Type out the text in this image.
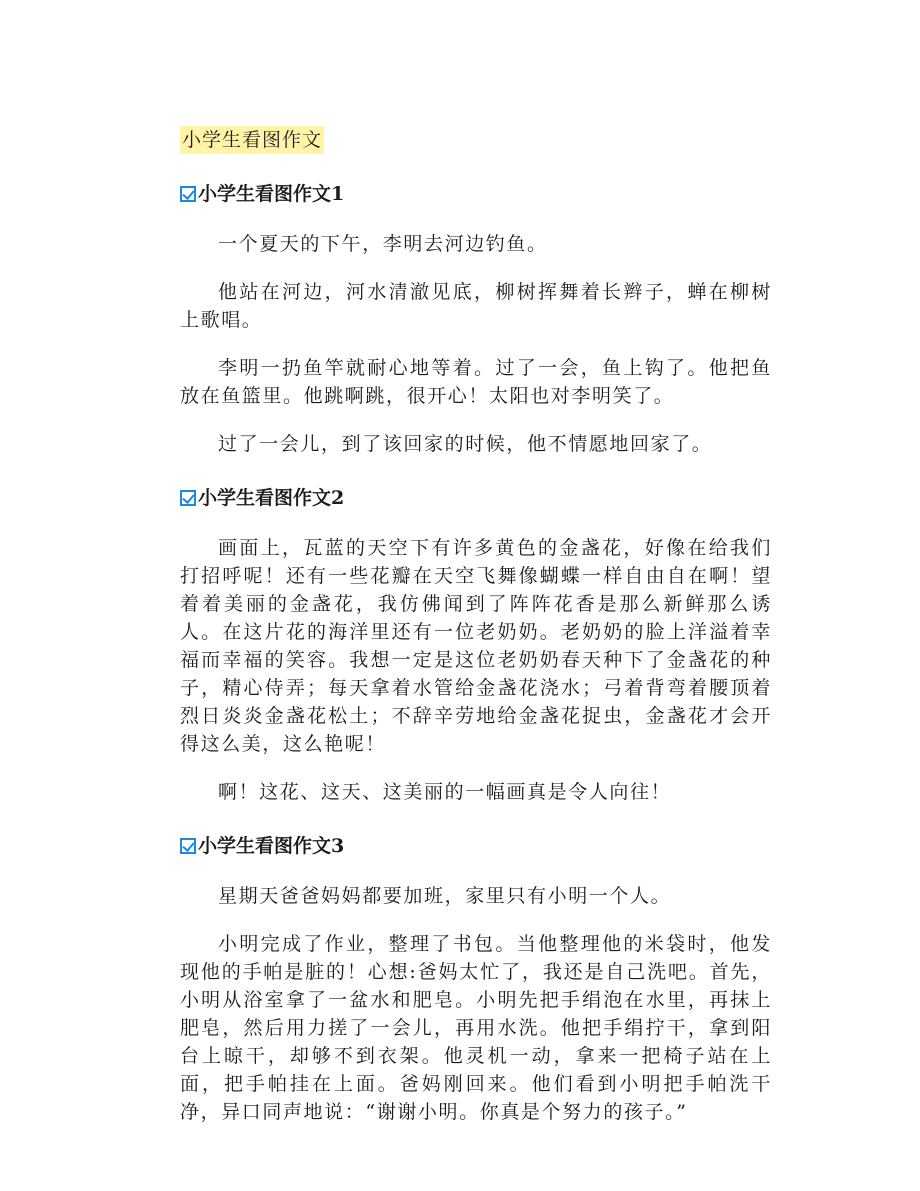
小学生看图作文
小学生看图作文1

一个夏天的下午，李明去河边钓鱼。

他站在河边，河水清澈见底，柳树挥舞着长辫子，蝉在柳树上歌唱。

李明一扔鱼竿就耐心地等着。过了一会，鱼上钩了。他把鱼放在鱼篮里。他跳啊跳，很开心！太阳也对李明笑了。

过了一会儿，到了该回家的时候，他不情愿地回家了。

小学生看图作文2

画面上，瓦蓝的天空下有许多黄色的金盏花，好像在给我们打招呼呢！还有一些花瓣在天空飞舞像蝴蝶一样自由自在啊！望着着美丽的金盏花，我仿佛闻到了阵阵花香是那么新鲜那么诱人。在这片花的海洋里还有一位老奶奶。老奶奶的脸上洋溢着幸福而幸福的笑容。我想一定是这位老奶奶春天种下了金盏花的种子，精心侍弄；每天拿着水管给金盏花浇水；弓着背弯着腰顶着烈日炎炎金盏花松土；不辞辛劳地给金盏花捉虫，金盏花才会开得这么美，这么艳呢！

啊！这花、这天、这美丽的一幅画真是令人向往！

小学生看图作文3

星期天爸爸妈妈都要加班，家里只有小明一个人。

小明完成了作业，整理了书包。当他整理他的米袋时，他发现他的手帕是脏的！心想:爸妈太忙了，我还是自己洗吧。首先，小明从浴室拿了一盆水和肥皂。小明先把手绢泡在水里，再抹上肥皂，然后用力搓了一会儿，再用水洗。他把手绢拧干，拿到阳台上晾干，却够不到衣架。他灵机一动，拿来一把椅子站在上面，把手帕挂在上面。爸妈刚回来。他们看到小明把手帕洗干净，异口同声地说：“谢谢小明。你真是个努力的孩子。”
